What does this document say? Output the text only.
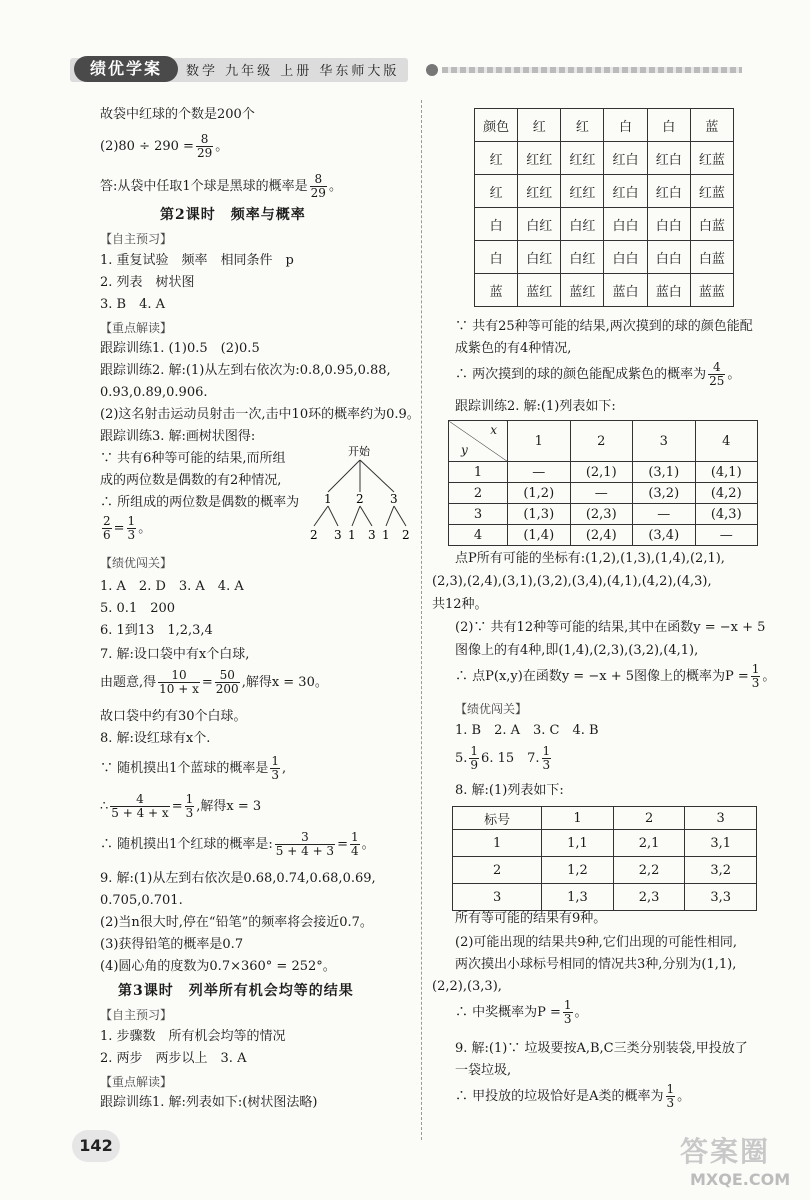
绩优学案	数学 九年级 上册 华东师大版
故袋中红球的个数是200个
$(2)80 \div 290 = \frac{8}{29}$ 。
答:从袋中任取1个球是黑球的概率是 $\frac{8}{29}$ 。
第2课时　频率与概率
【自主预习】
1. 重复试验　频率　相同条件　p
2. 列表　树状图
3. B　4. A
【重点解读】
跟踪训练1. (1)0.5　(2)0.5
跟踪训练2. 解:(1)从左到右依次为:0.8,0.95,0.88,
0.93,0.89,0.906.
(2)这名射击运动员射击一次,击中10环的概率约为0.9。
跟踪训练3. 解:画树状图得:
∵ 共有6种等可能的结果,而所组
成的两位数是偶数的有2种情况,
∴ 所组成的两位数是偶数的概率为
$\frac{2}{6} = \frac{1}{3}$ 。
开始
1 2 3
2 3 1 3 1 2
【绩优闯关】
1. A　2. D　3. A　4. A
5. 0.1　200
6. 1到13　1,2,3,4
7. 解:设口袋中有x个白球,
由题意,得 $\frac{10}{10 + x} = \frac{50}{200}$ ,解得x = 30。
故口袋中约有30个白球。
8. 解:设红球有x个.
∵ 随机摸出1个蓝球的概率是 $\frac{1}{3}$ ,
∴ $\frac{4}{5 + 4 + x} = \frac{1}{3}$ ,解得x = 3
∴ 随机摸出1个红球的概率是: $\frac{3}{5 + 4 + 3} = \frac{1}{4}$ 。
9. 解:(1)从左到右依次是0.68,0.74,0.68,0.69,
0.705,0.701.
(2)当n很大时,停在“铅笔”的频率将会接近0.7。
(3)获得铅笔的概率是0.7
(4)圆心角的度数为0.7×360° = 252°。
第3课时　列举所有机会均等的结果
【自主预习】
1. 步骤数　所有机会均等的情况
2. 两步　两步以上　3. A
【重点解读】
跟踪训练1. 解:列表如下:(树状图法略)
颜色	红	红	白	白	蓝
红	红红	红红	红白	红白	红蓝
红	红红	红红	红白	红白	红蓝
白	白红	白红	白白	白白	白蓝
白	白红	白红	白白	白白	白蓝
蓝	蓝红	蓝红	蓝白	蓝白	蓝蓝
∵ 共有25种等可能的结果,两次摸到的球的颜色能配
成紫色的有4种情况,
∴ 两次摸到的球的颜色能配成紫色的概率为 $\frac{4}{25}$ 。
跟踪训练2. 解:(1)列表如下:
x
y	1	2	3	4
1	—	(2,1)	(3,1)	(4,1)
2	(1,2)	—	(3,2)	(4,2)
3	(1,3)	(2,3)	—	(4,3)
4	(1,4)	(2,4)	(3,4)	—
点P所有可能的坐标有:(1,2),(1,3),(1,4),(2,1),
(2,3),(2,4),(3,1),(3,2),(3,4),(4,1),(4,2),(4,3),
共12种。
(2)∵ 共有12种等可能的结果,其中在函数y = −x + 5
图像上的有4种,即(1,4),(2,3),(3,2),(4,1),
∴ 点P(x,y)在函数y = −x + 5图像上的概率为$P = \frac{1}{3}$ 。
【绩优闯关】
1. B　2. A　3. C　4. B
5. $\frac{1}{9} 6$. 15　7. $\frac{1}{3}$
8. 解:(1)列表如下:
标号	1	2	3
1	1,1	2,1	3,1
2	1,2	2,2	3,2
3	1,3	2,3	3,3
所有等可能的结果有9种。
(2)可能出现的结果共9种,它们出现的可能性相同,
两次摸出小球标号相同的情况共3种,分别为(1,1),
(2,2),(3,3),
∴ 中奖概率为$P = \frac{1}{3}$ 。
9. 解:(1)∵ 垃圾要按A,B,C三类分别装袋,甲投放了
一袋垃圾,
∴ 甲投放的垃圾恰好是A类的概率为 $\frac{1}{3}$ 。
142	答案圈
MXQE.COM
